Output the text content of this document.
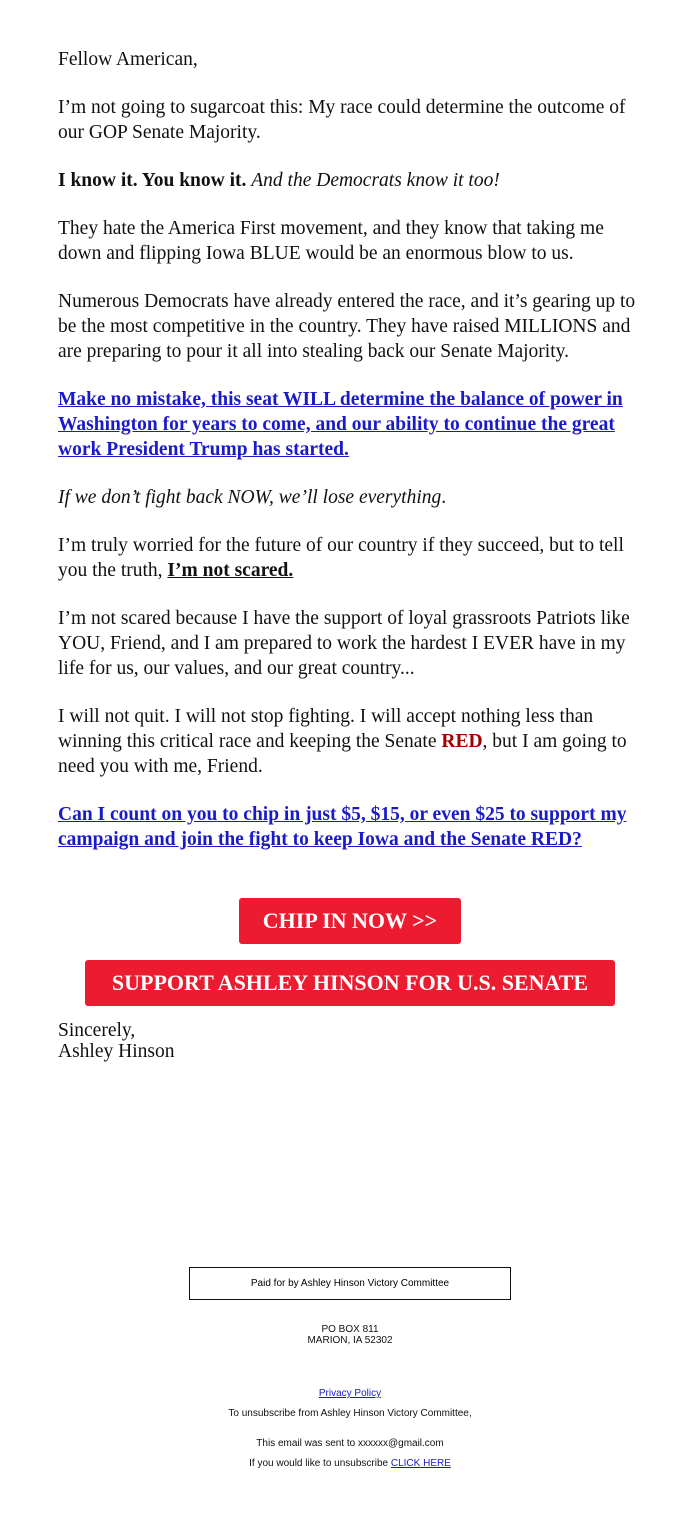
Fellow American,

I’m not going to sugarcoat this: My race could determine the outcome of our GOP Senate Majority.

I know it. You know it. And the Democrats know it too!

They hate the America First movement, and they know that taking me down and flipping Iowa BLUE would be an enormous blow to us.

Numerous Democrats have already entered the race, and it’s gearing up to be the most competitive in the country. They have raised MILLIONS and are preparing to pour it all into stealing back our Senate Majority.

Make no mistake, this seat WILL determine the balance of power in Washington for years to come, and our ability to continue the great work President Trump has started.

If we don’t fight back NOW, we’ll lose everything.

I’m truly worried for the future of our country if they succeed, but to tell you the truth, I’m not scared.

I’m not scared because I have the support of loyal grassroots Patriots like YOU, Friend, and I am prepared to work the hardest I EVER have in my life for us, our values, and our great country...

I will not quit. I will not stop fighting. I will accept nothing less than winning this critical race and keeping the Senate RED, but I am going to need you with me, Friend.

Can I count on you to chip in just $5, $15, or even $25 to support my campaign and join the fight to keep Iowa and the Senate RED?

CHIP IN NOW >>
SUPPORT ASHLEY HINSON FOR U.S. SENATE
Sincerely,
Ashley Hinson
Paid for by Ashley Hinson Victory Committee
PO BOX 811
MARION, IA 52302
Privacy Policy
To unsubscribe from Ashley Hinson Victory Committee,
This email was sent to xxxxxx@gmail.com
If you would like to unsubscribe CLICK HERE
